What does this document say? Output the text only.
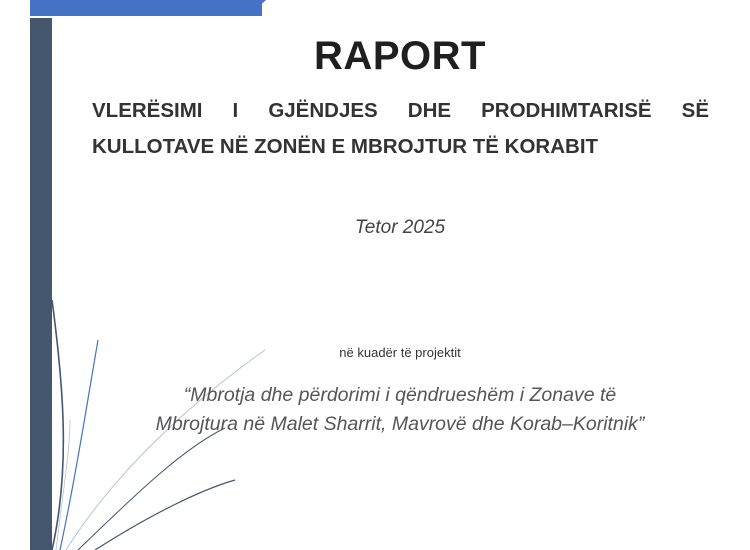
RAPORT
VLERËSIMI I GJËNDJES DHE PRODHIMTARISË SË
KULLOTAVE NË ZONËN E MBROJTUR TË KORABIT
Tetor 2025
në kuadër të projektit
“Mbrotja dhe përdorimi i qëndrueshëm i Zonave të
Mbrojtura në Malet Sharrit, Mavrovë dhe Korab–Koritnik”
